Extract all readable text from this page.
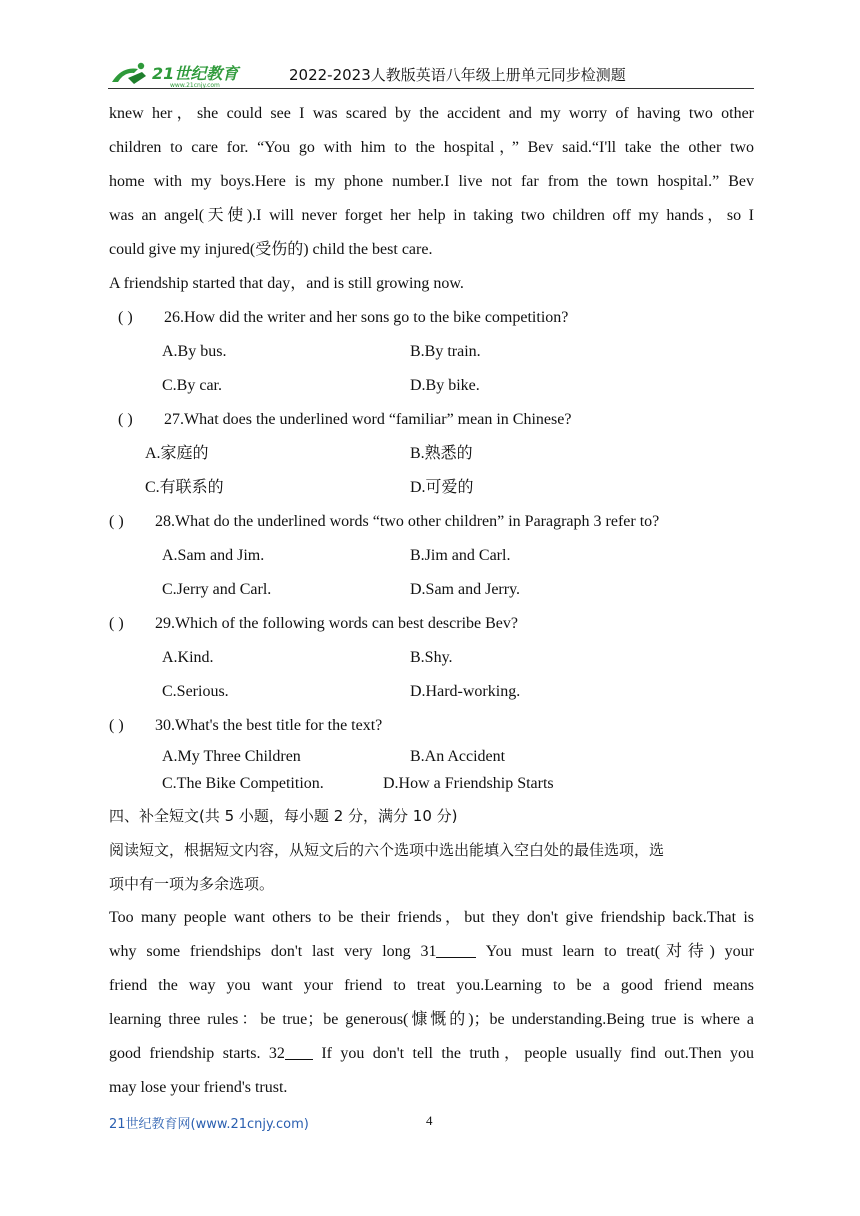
21世纪教育
www.21cnjy.com
2022-2023人教版英语八年级上册单元同步检测题
knew her，she could see I was scared by the accident and my worry of having two other
children to care for. “You go with him to the hospital，” Bev said.“I'll take the other two
home with my boys.Here is my phone number.I live not far from the town hospital.” Bev
was an angel(天使).I will never forget her help in taking two children off my hands，so I
could give my injured(受伤的) child the best care.
A friendship started that day，and is still growing now.
( ) 26.How did the writer and her sons go to the bike competition?
A.By bus.	B.By train.
C.By car.	D.By bike.
( ) 27.What does the underlined word “familiar” mean in Chinese?
A.家庭的	B.熟悉的
C.有联系的	D.可爱的
( ) 28.What do the underlined words “two other children” in Paragraph 3 refer to?
A.Sam and Jim.	B.Jim and Carl.
C.Jerry and Carl.	D.Sam and Jerry.
( ) 29.Which of the following words can best describe Bev?
A.Kind.	B.Shy.
C.Serious.	D.Hard-working.
( ) 30.What's the best title for the text?
A.My Three Children	B.An Accident
C.The Bike Competition.	D.How a Friendship Starts
四、补全短文(共 5 小题，每小题 2 分，满分 10 分)
阅读短文，根据短文内容，从短文后的六个选项中选出能填入空白处的最佳选项，选
项中有一项为多余选项。
Too many people want others to be their friends，but they don't give friendship back.That is
why some friendships don't last very long 31	You must learn to treat(对待) your
friend the way you want your friend to treat you.Learning to be a good friend means
learning three rules：be true；be generous(慷慨的)；be understanding.Being true is where a
good friendship starts. 32 If you don't tell the truth，people usually find out.Then you
may lose your friend's trust.
21世纪教育网(www.21cnjy.com)	4
